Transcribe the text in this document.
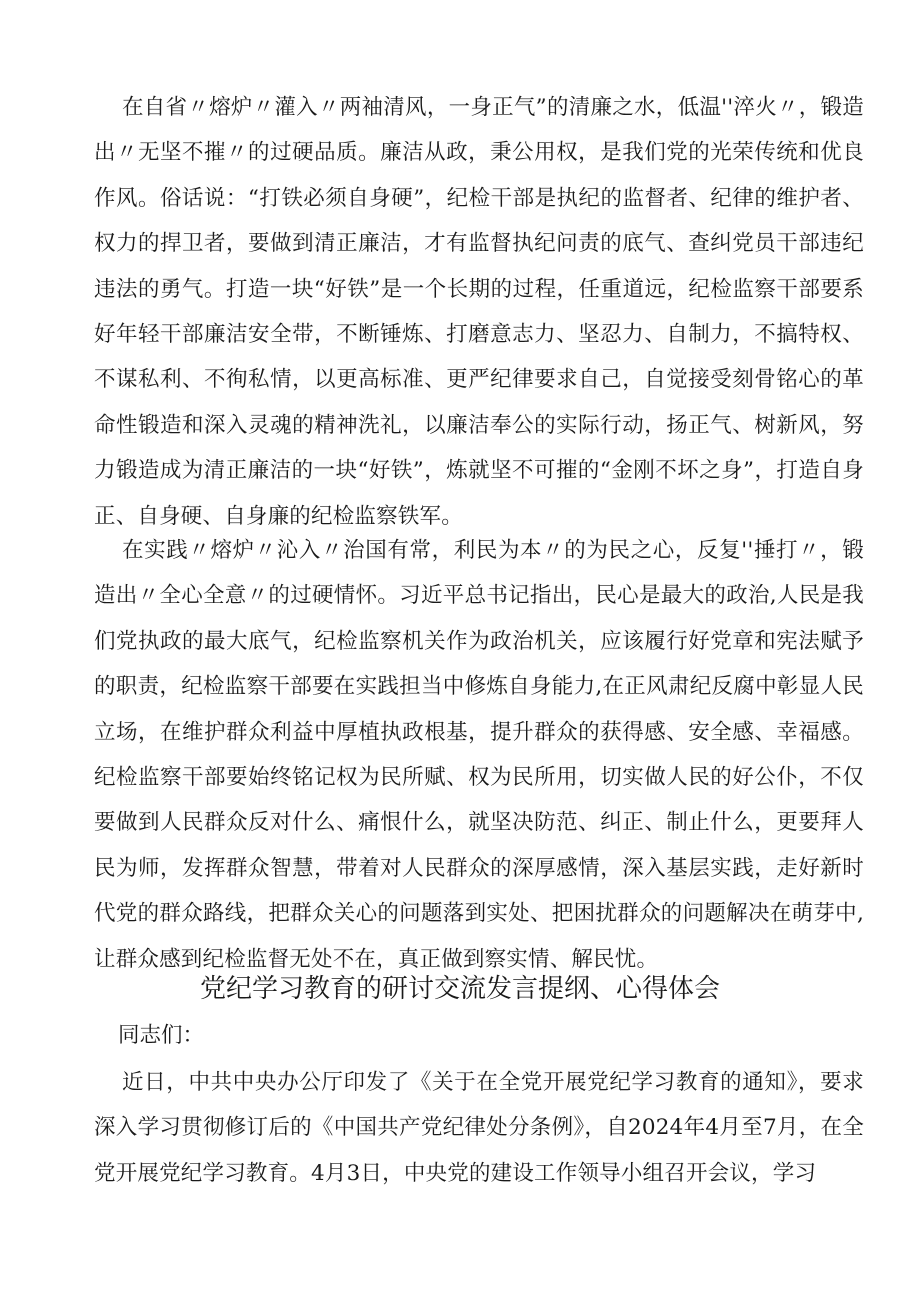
在自省〃熔炉〃灌入〃两袖清风，一身正气”的清廉之水，低温''淬火〃，锻造出〃无坚不摧〃的过硬品质。廉洁从政，秉公用权，是我们党的光荣传统和优良作风。俗话说：“打铁必须自身硬”，纪检干部是执纪的监督者、纪律的维护者、权力的捍卫者，要做到清正廉洁，才有监督执纪问责的底气、查纠党员干部违纪违法的勇气。打造一块“好铁”是一个长期的过程，任重道远，纪检监察干部要系好年轻干部廉洁安全带，不断锤炼、打磨意志力、坚忍力、自制力，不搞特权、不谋私利、不徇私情，以更高标准、更严纪律要求自己，自觉接受刻骨铭心的革命性锻造和深入灵魂的精神洗礼，以廉洁奉公的实际行动，扬正气、树新风，努力锻造成为清正廉洁的一块“好铁”，炼就坚不可摧的“金刚不坏之身”，打造自身正、自身硬、自身廉的纪检监察铁军。

在实践〃熔炉〃沁入〃治国有常，利民为本〃的为民之心，反复''捶打〃，锻造出〃全心全意〃的过硬情怀。习近平总书记指出，民心是最大的政治,人民是我们党执政的最大底气，纪检监察机关作为政治机关，应该履行好党章和宪法赋予的职责，纪检监察干部要在实践担当中修炼自身能力,在正风肃纪反腐中彰显人民立场，在维护群众利益中厚植执政根基，提升群众的获得感、安全感、幸福感。纪检监察干部要始终铭记权为民所赋、权为民所用，切实做人民的好公仆，不仅要做到人民群众反对什么、痛恨什么，就坚决防范、纠正、制止什么，更要拜人民为师，发挥群众智慧，带着对人民群众的深厚感情，深入基层实践，走好新时代党的群众路线，把群众关心的问题落到实处、把困扰群众的问题解决在萌芽中,让群众感到纪检监督无处不在，真正做到察实情、解民忧。

党纪学习教育的研讨交流发言提纲、心得体会

同志们：

近日，中共中央办公厅印发了《关于在全党开展党纪学习教育的通知》，要求深入学习贯彻修订后的《中国共产党纪律处分条例》，自2024年4月至7月，在全党开展党纪学习教育。4月3日，中央党的建设工作领导小组召开会议，学习
